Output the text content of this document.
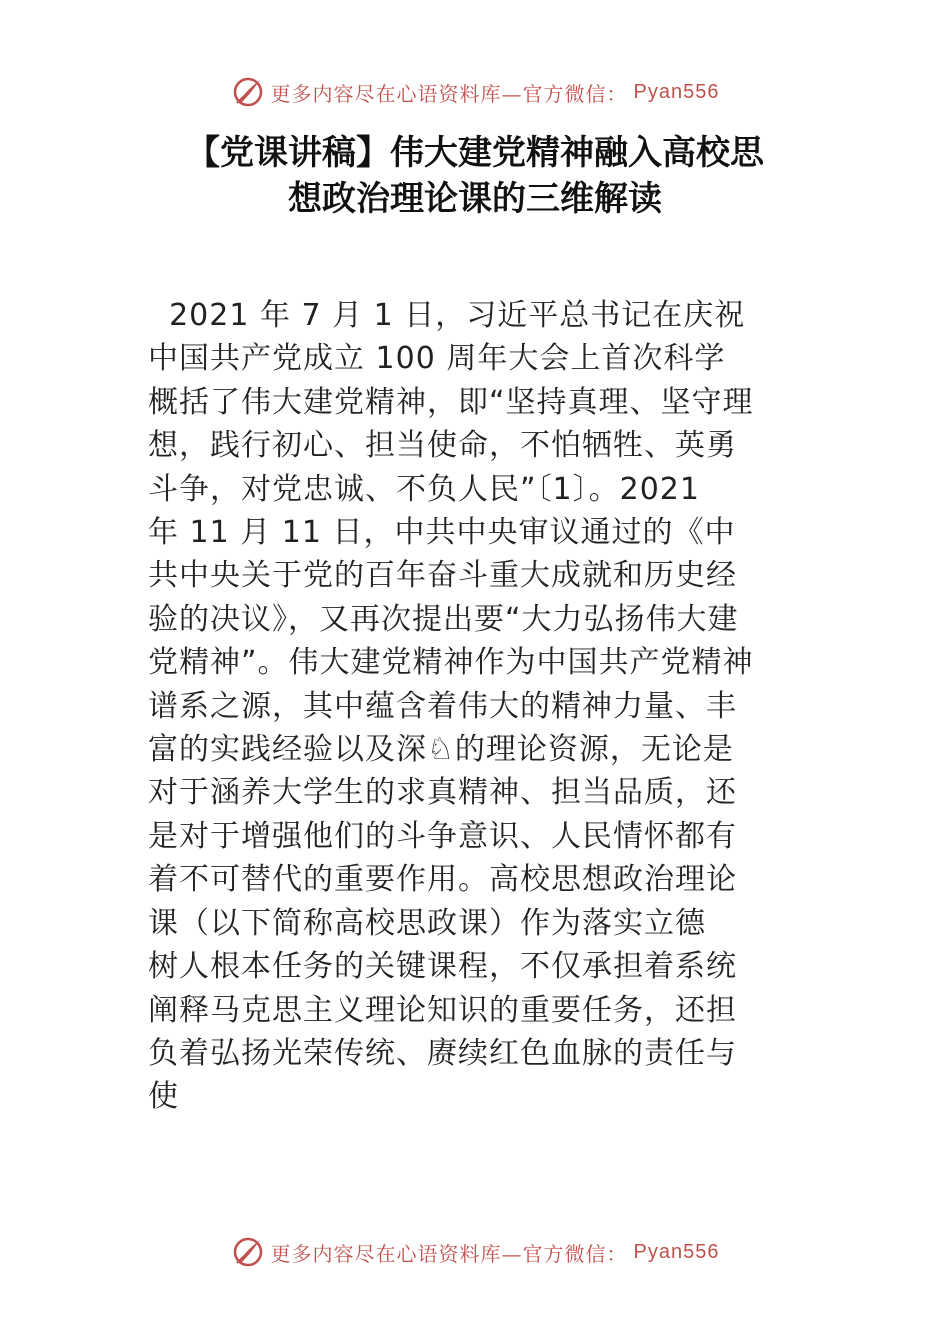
更多内容尽在心语资料库—官方微信： Pyan556
【党课讲稿】伟大建党精神融入高校思
想政治理论课的三维解读
2021 年 7 月 1 日，习近平总书记在庆祝
中国共产党成立 100 周年大会上首次科学
概括了伟大建党精神，即“坚持真理、坚守理
想，践行初心、担当使命，不怕牺牲、英勇
斗争，对党忠诚、不负人民”〔1〕。2021
年 11 月 11 日，中共中央审议通过的《中
共中央关于党的百年奋斗重大成就和历史经
验的决议》，又再次提出要“大力弘扬伟大建
党精神”。伟大建党精神作为中国共产党精神
谱系之源，其中蕴含着伟大的精神力量、丰
富的实践经验以及深♘的理论资源，无论是
对于涵养大学生的求真精神、担当品质，还
是对于增强他们的斗争意识、人民情怀都有
着不可替代的重要作用。高校思想政治理论
课（以下简称高校思政课）作为落实立德
树人根本任务的关键课程，不仅承担着系统
阐释马克思主义理论知识的重要任务，还担
负着弘扬光荣传统、赓续红色血脉的责任与
使
更多内容尽在心语资料库—官方微信： Pyan556
